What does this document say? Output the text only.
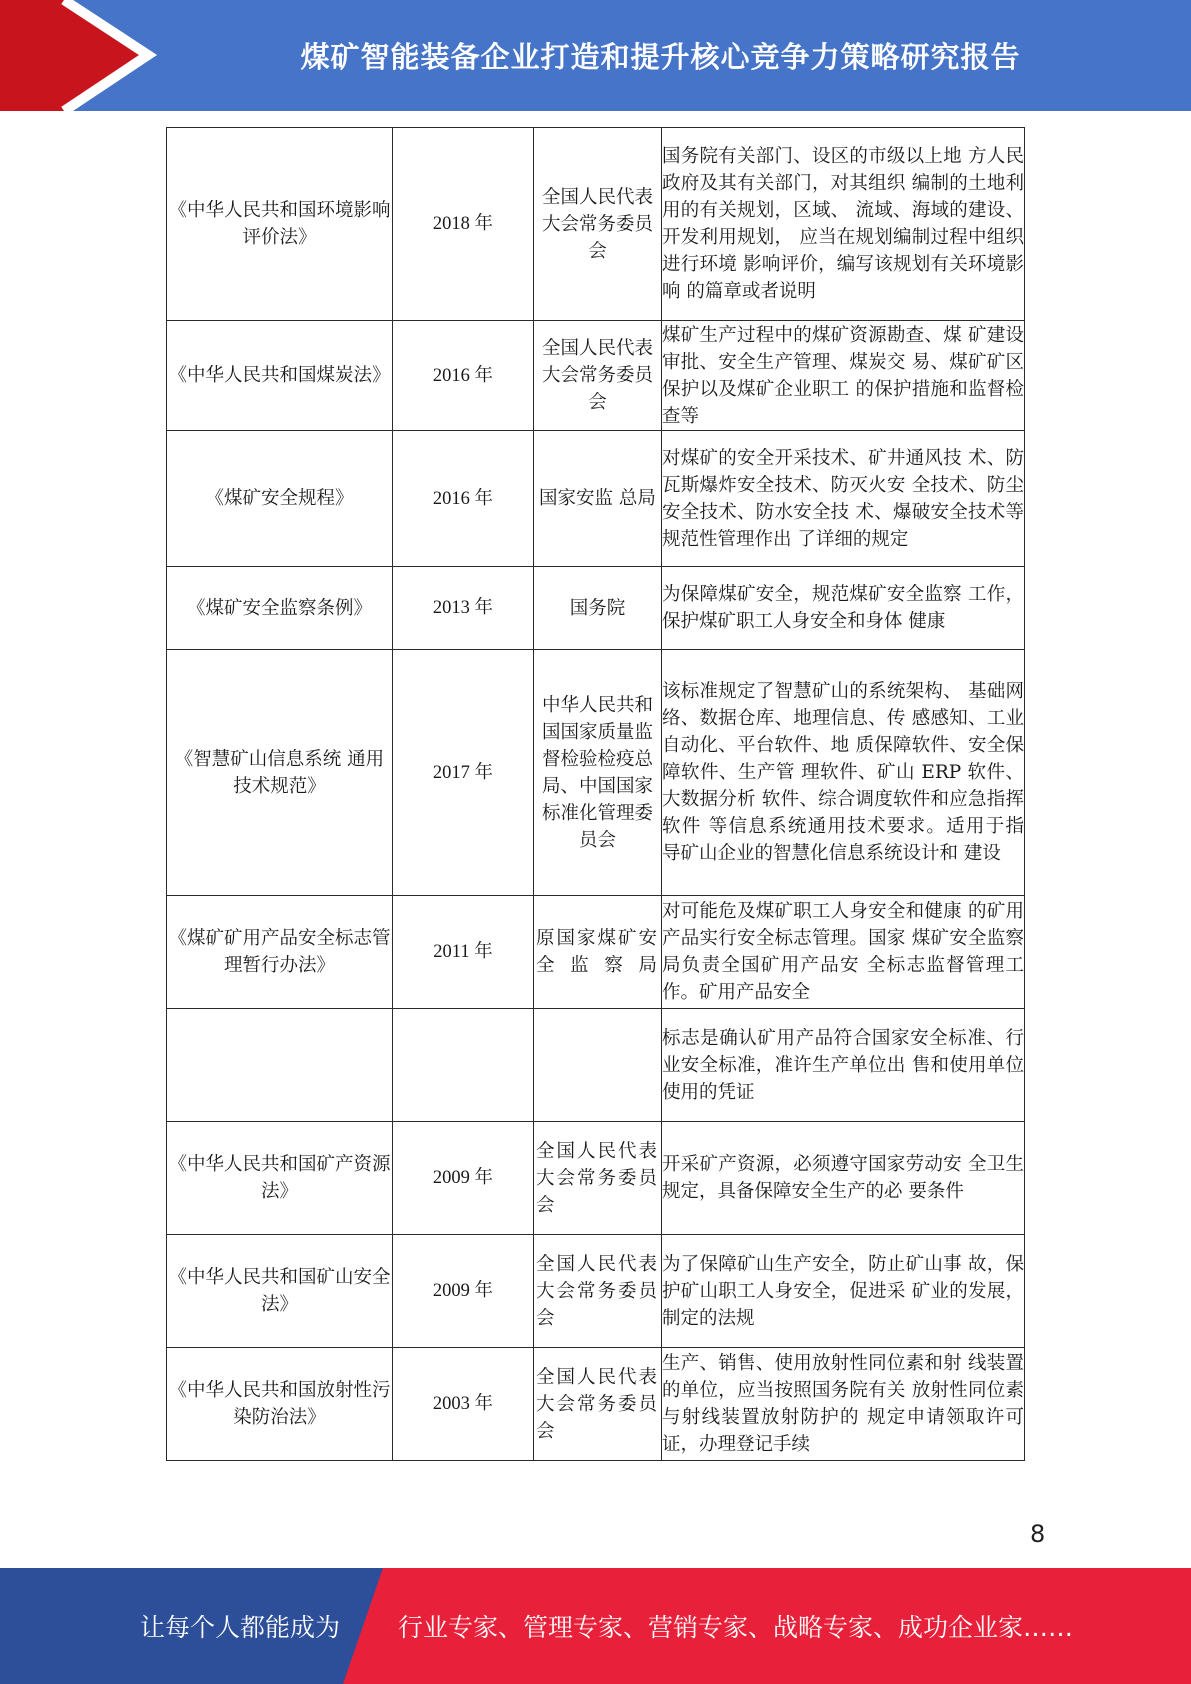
煤矿智能装备企业打造和提升核心竞争力策略研究报告
《中华人民共和国环境影响评价法》	2018 年	全国人民代表大会常务委员会	国务院有关部门、设区的市级以上地 方人民政府及其有关部门，对其组织 编制的土地利用的有关规划，区域、 流域、海域的建设、开发利用规划， 应当在规划编制过程中组织进行环境 影响评价，编写该规划有关环境影响 的篇章或者说明
《中华人民共和国煤炭法》	2016 年	全国人民代表大会常务委员会	煤矿生产过程中的煤矿资源勘查、煤 矿建设审批、安全生产管理、煤炭交 易、煤矿矿区保护以及煤矿企业职工 的保护措施和监督检查等
《煤矿安全规程》	2016 年	国家安监 总局	对煤矿的安全开采技术、矿井通风技 术、防瓦斯爆炸安全技术、防灭火安 全技术、防尘安全技术、防水安全技 术、爆破安全技术等规范性管理作出 了详细的规定
《煤矿安全监察条例》	2013 年	国务院	为保障煤矿安全，规范煤矿安全监察 工作，保护煤矿职工人身安全和身体 健康
《智慧矿山信息系统 通用技术规范》	2017 年	中华人民共和国国家质量监督检验检疫总局、中国国家标准化管理委员会	该标准规定了智慧矿山的系统架构、 基础网络、数据仓库、地理信息、传 感感知、工业自动化、平台软件、地 质保障软件、安全保障软件、生产管 理软件、矿山 ERP 软件、大数据分析 软件、综合调度软件和应急指挥软件 等信息系统通用技术要求。适用于指 导矿山企业的智慧化信息系统设计和 建设
《煤矿矿用产品安全标志管理暂行办法》	2011 年	原国家煤矿安全监察局	对可能危及煤矿职工人身安全和健康 的矿用产品实行安全标志管理。国家 煤矿安全监察局负责全国矿用产品安 全标志监督管理工作。矿用产品安全
			标志是确认矿用产品符合国家安全标准、行业安全标准，准许生产单位出 售和使用单位使用的凭证
《中华人民共和国矿产资源法》	2009 年	全国人民代表大会常务委员会	开采矿产资源，必须遵守国家劳动安 全卫生规定，具备保障安全生产的必 要条件
《中华人民共和国矿山安全法》	2009 年	全国人民代表大会常务委员会	为了保障矿山生产安全，防止矿山事 故，保护矿山职工人身安全，促进采 矿业的发展，制定的法规
《中华人民共和国放射性污染防治法》	2003 年	全国人民代表大会常务委员会	生产、销售、使用放射性同位素和射 线装置的单位，应当按照国务院有关 放射性同位素与射线装置放射防护的 规定申请领取许可证，办理登记手续
8
让每个人都能成为 行业专家、管理专家、营销专家、战略专家、成功企业家……
